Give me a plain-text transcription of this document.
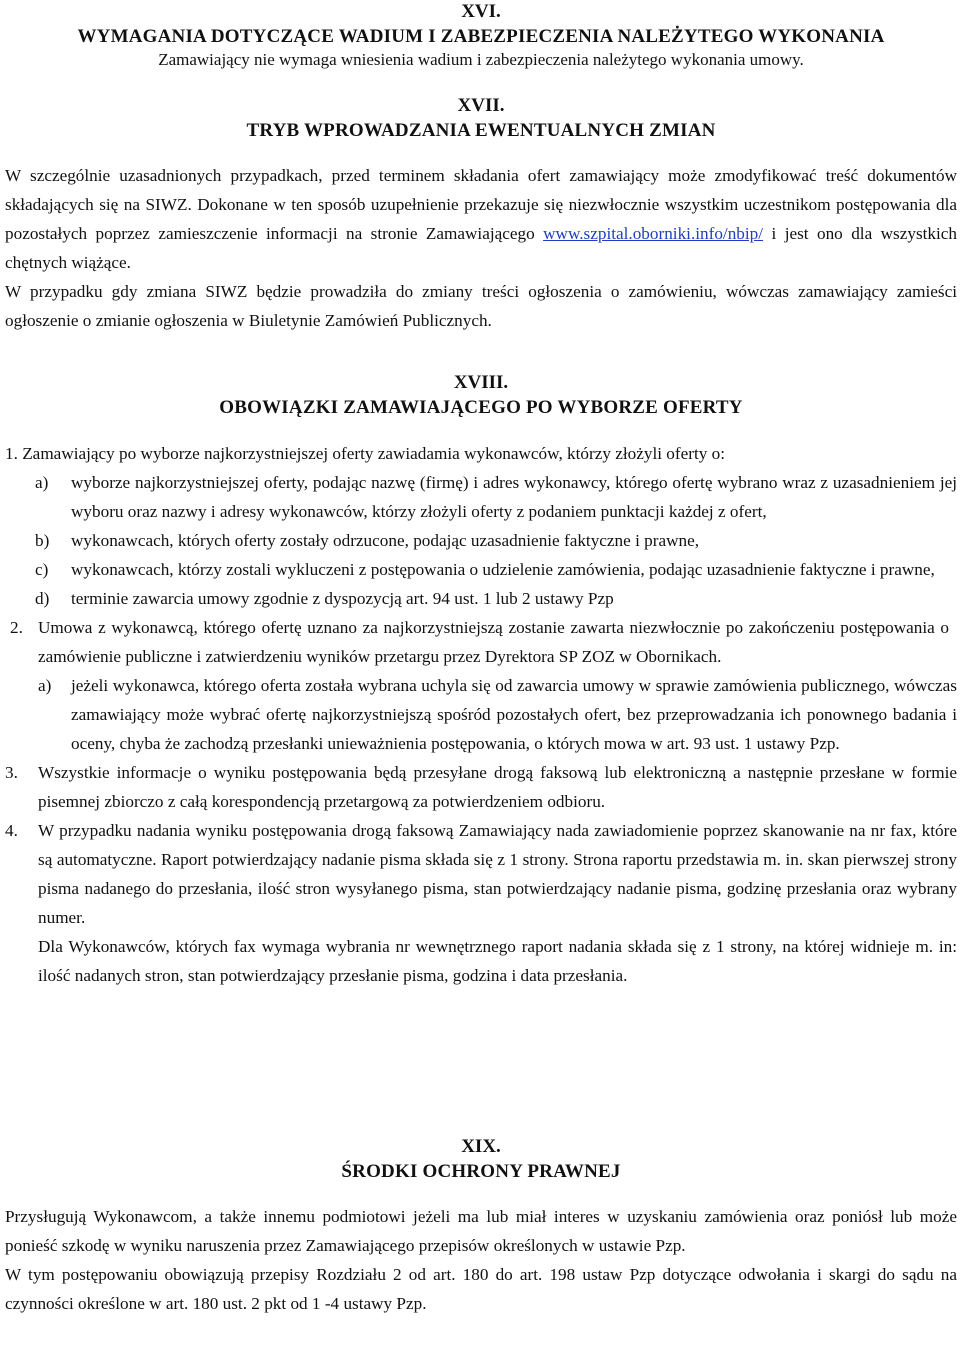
XVI.
WYMAGANIA DOTYCZĄCE WADIUM I ZABEZPIECZENIA NALEŻYTEGO WYKONANIA
Zamawiający nie wymaga wniesienia wadium i zabezpieczenia należytego wykonania umowy.
XVII.
TRYB WPROWADZANIA EWENTUALNYCH ZMIAN

W szczególnie uzasadnionych przypadkach, przed terminem składania ofert zamawiający może zmodyfikować treść dokumentów składających się na SIWZ. Dokonane w ten sposób uzupełnienie przekazuje się niezwłocznie wszystkim uczestnikom postępowania dla pozostałych poprzez zamieszczenie informacji na stronie Zamawiającego www.szpital.oborniki.info/nbip/ i jest ono dla wszystkich chętnych wiążące.

W przypadku gdy zmiana SIWZ będzie prowadziła do zmiany treści ogłoszenia o zamówieniu, wówczas zamawiający zamieści ogłoszenie o zmianie ogłoszenia w Biuletynie Zamówień Publicznych.

XVIII.
OBOWIĄZKI ZAMAWIAJĄCEGO PO WYBORZE OFERTY
1. Zamawiający po wyborze najkorzystniejszej oferty zawiadamia wykonawców, którzy złożyli oferty o:
a)	wyborze najkorzystniejszej oferty, podając nazwę (firmę) i adres wykonawcy, którego ofertę wybrano wraz z uzasadnieniem jej wyboru oraz nazwy i adresy wykonawców, którzy złożyli oferty z podaniem punktacji każdej z ofert,
b)	wykonawcach, których oferty zostały odrzucone, podając uzasadnienie faktyczne i prawne,
c)	wykonawcach, którzy zostali wykluczeni z postępowania o udzielenie zamówienia, podając uzasadnienie faktyczne i prawne,
d)	terminie zawarcia umowy zgodnie z dyspozycją art. 94 ust. 1 lub 2 ustawy Pzp
2. Umowa z wykonawcą, którego ofertę uznano za najkorzystniejszą zostanie zawarta niezwłocznie po zakończeniu postępowania o zamówienie publiczne i zatwierdzeniu wyników przetargu przez Dyrektora SP ZOZ w Obornikach.
a)	jeżeli wykonawca, którego oferta została wybrana uchyla się od zawarcia umowy w sprawie zamówienia publicznego, wówczas zamawiający może wybrać ofertę najkorzystniejszą spośród pozostałych ofert, bez przeprowadzania ich ponownego badania i oceny, chyba że zachodzą przesłanki unieważnienia postępowania, o których mowa w art. 93 ust. 1 ustawy Pzp.
3.	Wszystkie informacje o wyniku postępowania będą przesyłane drogą faksową lub elektroniczną a następnie przesłane w formie pisemnej zbiorczo z całą korespondencją przetargową za potwierdzeniem odbioru.
4.	W przypadku nadania wyniku postępowania drogą faksową Zamawiający nada zawiadomienie poprzez skanowanie na nr fax, które są automatyczne. Raport potwierdzający nadanie pisma składa się z 1 strony. Strona raportu przedstawia m. in. skan pierwszej strony pisma nadanego do przesłania, ilość stron wysyłanego pisma, stan potwierdzający nadanie pisma, godzinę przesłania oraz wybrany numer.
Dla Wykonawców, których fax wymaga wybrania nr wewnętrznego raport nadania składa się z 1 strony, na której widnieje m. in: ilość nadanych stron, stan potwierdzający przesłanie pisma, godzina i data przesłania.
XIX.
ŚRODKI OCHRONY PRAWNEJ

Przysługują Wykonawcom, a także innemu podmiotowi jeżeli ma lub miał interes w uzyskaniu zamówienia oraz poniósł lub może ponieść szkodę w wyniku naruszenia przez Zamawiającego przepisów określonych w ustawie Pzp.

W tym postępowaniu obowiązują przepisy Rozdziału 2 od art. 180 do art. 198 ustaw Pzp dotyczące odwołania i skargi do sądu na czynności określone w art. 180 ust. 2 pkt od 1 -4 ustawy Pzp.
